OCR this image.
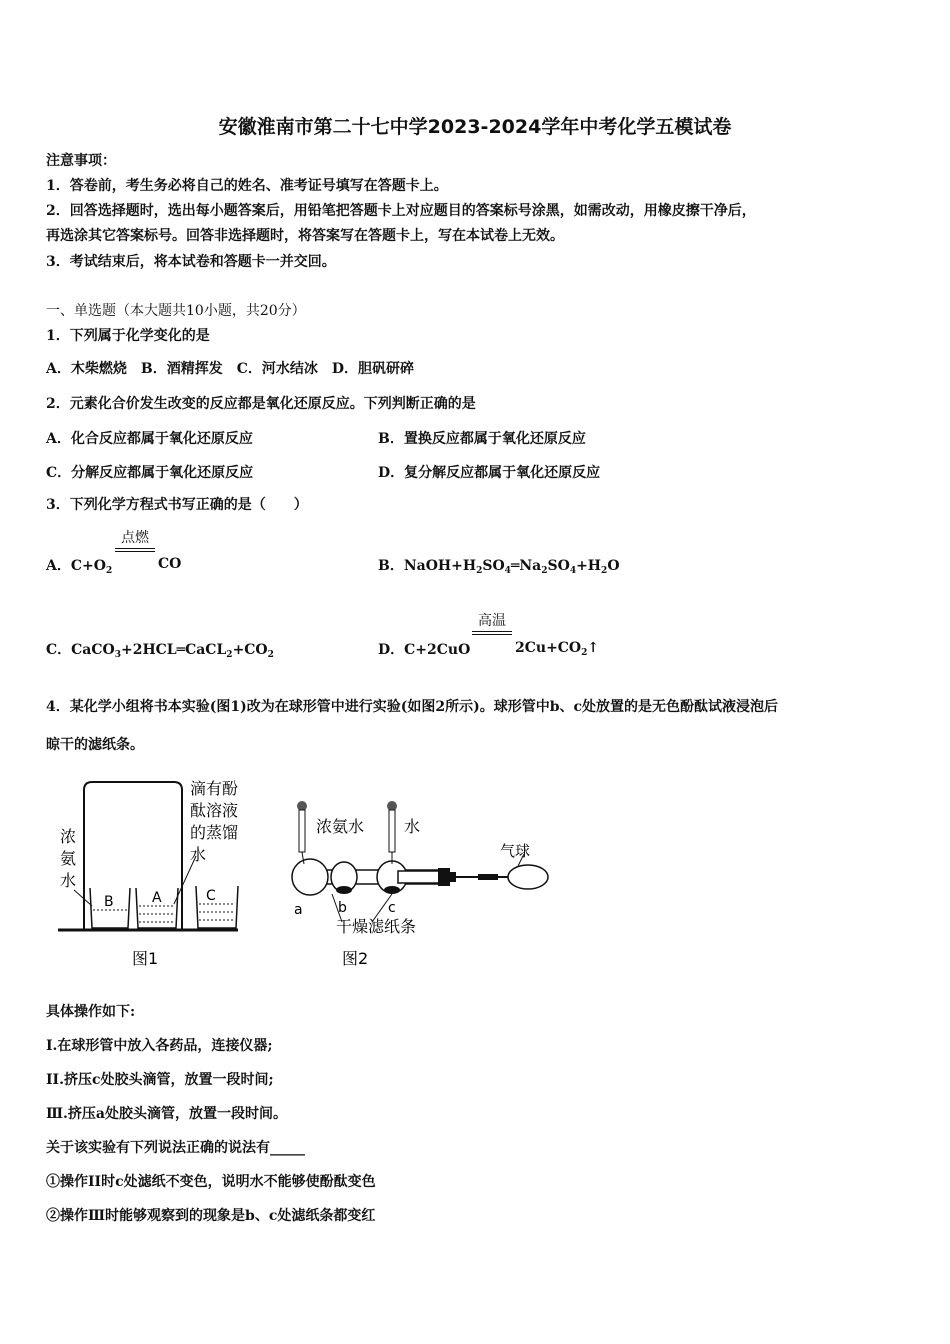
安徽淮南市第二十七中学2023-2024学年中考化学五模试卷
注意事项：
1．答卷前，考生务必将自己的姓名、准考证号填写在答题卡上。
2．回答选择题时，选出每小题答案后，用铅笔把答题卡上对应题目的答案标号涂黑，如需改动，用橡皮擦干净后，
再选涂其它答案标号。回答非选择题时，将答案写在答题卡上，写在本试卷上无效。
3．考试结束后，将本试卷和答题卡一并交回。
一、单选题（本大题共10小题，共20分）
1．下列属于化学变化的是
A．木柴燃烧　B．酒精挥发　C．河水结冰　D．胆矾研碎
2．元素化合价发生改变的反应都是氧化还原反应。下列判断正确的是
A．化合反应都属于氧化还原反应	B．置换反应都属于氧化还原反应
C．分解反应都属于氧化还原反应	D．复分解反应都属于氧化还原反应
3．下列化学方程式书写正确的是（　　）
A．$C+O_2$
点燃
CO	B．$NaOH+H_2SO_4═Na_2SO_4+H_2O$
C．$CaCO_3+2HCL═CaCL_2+CO_2$	D．C+2CuO
高温
$2Cu+CO_2↑$
4．某化学小组将书本实验(图1)改为在球形管中进行实验(如图2所示)。球形管中b、c处放置的是无色酚酞试液浸泡后
晾干的滤纸条。
浓
氨
水
滴有酚
酞溶液
的蒸馏
水
B	A	C
图1
浓氨水 水
气球
a	b	c
干燥滤纸条
图2
具体操作如下:
I.在球形管中放入各药品，连接仪器;
II.挤压c处胶头滴管，放置一段时间;
Ⅲ.挤压a处胶头滴管，放置一段时间。
关于该实验有下列说法正确的说法有_____
①操作II时c处滤纸不变色，说明水不能够使酚酞变色
②操作Ⅲ时能够观察到的现象是b、c处滤纸条都变红
